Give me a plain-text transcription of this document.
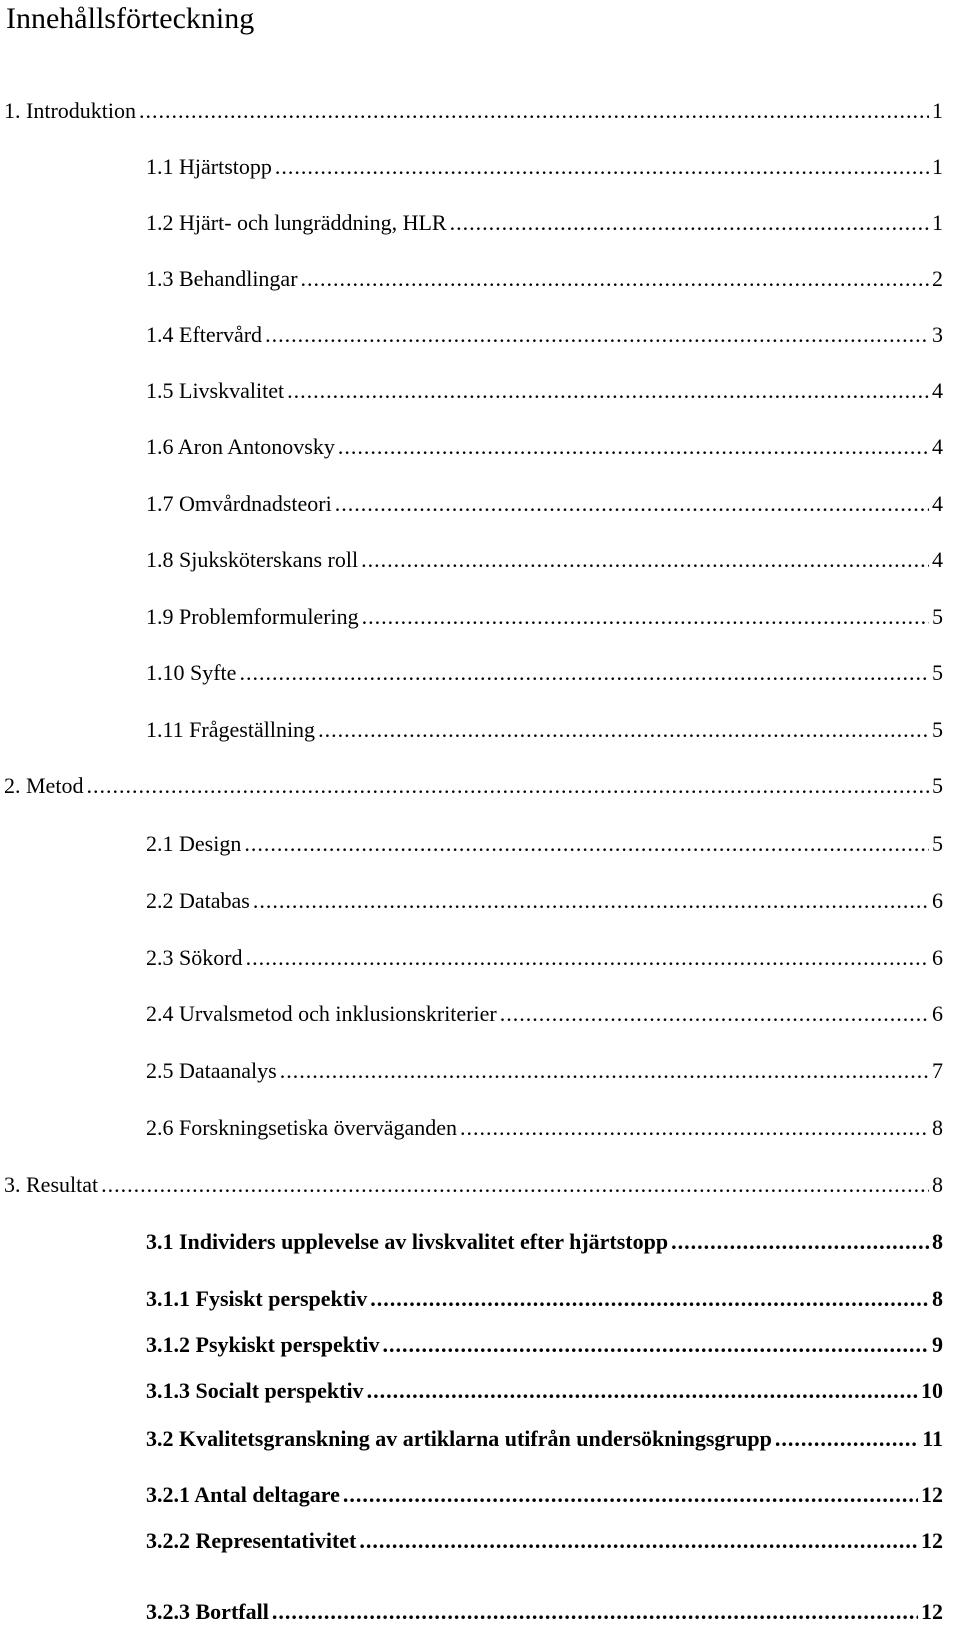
Innehållsförteckning
1. Introduktion .....	1
1.1 Hjärtstopp .....	1
1.2 Hjärt- och lungräddning, HLR .....	1
1.3 Behandlingar .....	2
1.4 Eftervård .....	3
1.5 Livskvalitet .....	4
1.6 Aron Antonovsky .....	4
1.7 Omvårdnadsteori .....	4
1.8 Sjuksköterskans roll .....	4
1.9 Problemformulering .....	5
1.10 Syfte .....	5
1.11 Frågeställning .....	5
2. Metod .....	5
2.1 Design .....	5
2.2 Databas .....	6
2.3 Sökord .....	6
2.4 Urvalsmetod och inklusionskriterier .....	6
2.5 Dataanalys .....	7
2.6 Forskningsetiska överväganden .....	8
3. Resultat .....	8
3.1 Individers upplevelse av livskvalitet efter hjärtstopp .....	8
3.1.1 Fysiskt perspektiv .....	8
3.1.2 Psykiskt perspektiv .....	9
3.1.3 Socialt perspektiv .....	10
3.2 Kvalitetsgranskning av artiklarna utifrån undersökningsgrupp .....	11
3.2.1 Antal deltagare .....	12
3.2.2 Representativitet .....	12
3.2.3 Bortfall .....	12
